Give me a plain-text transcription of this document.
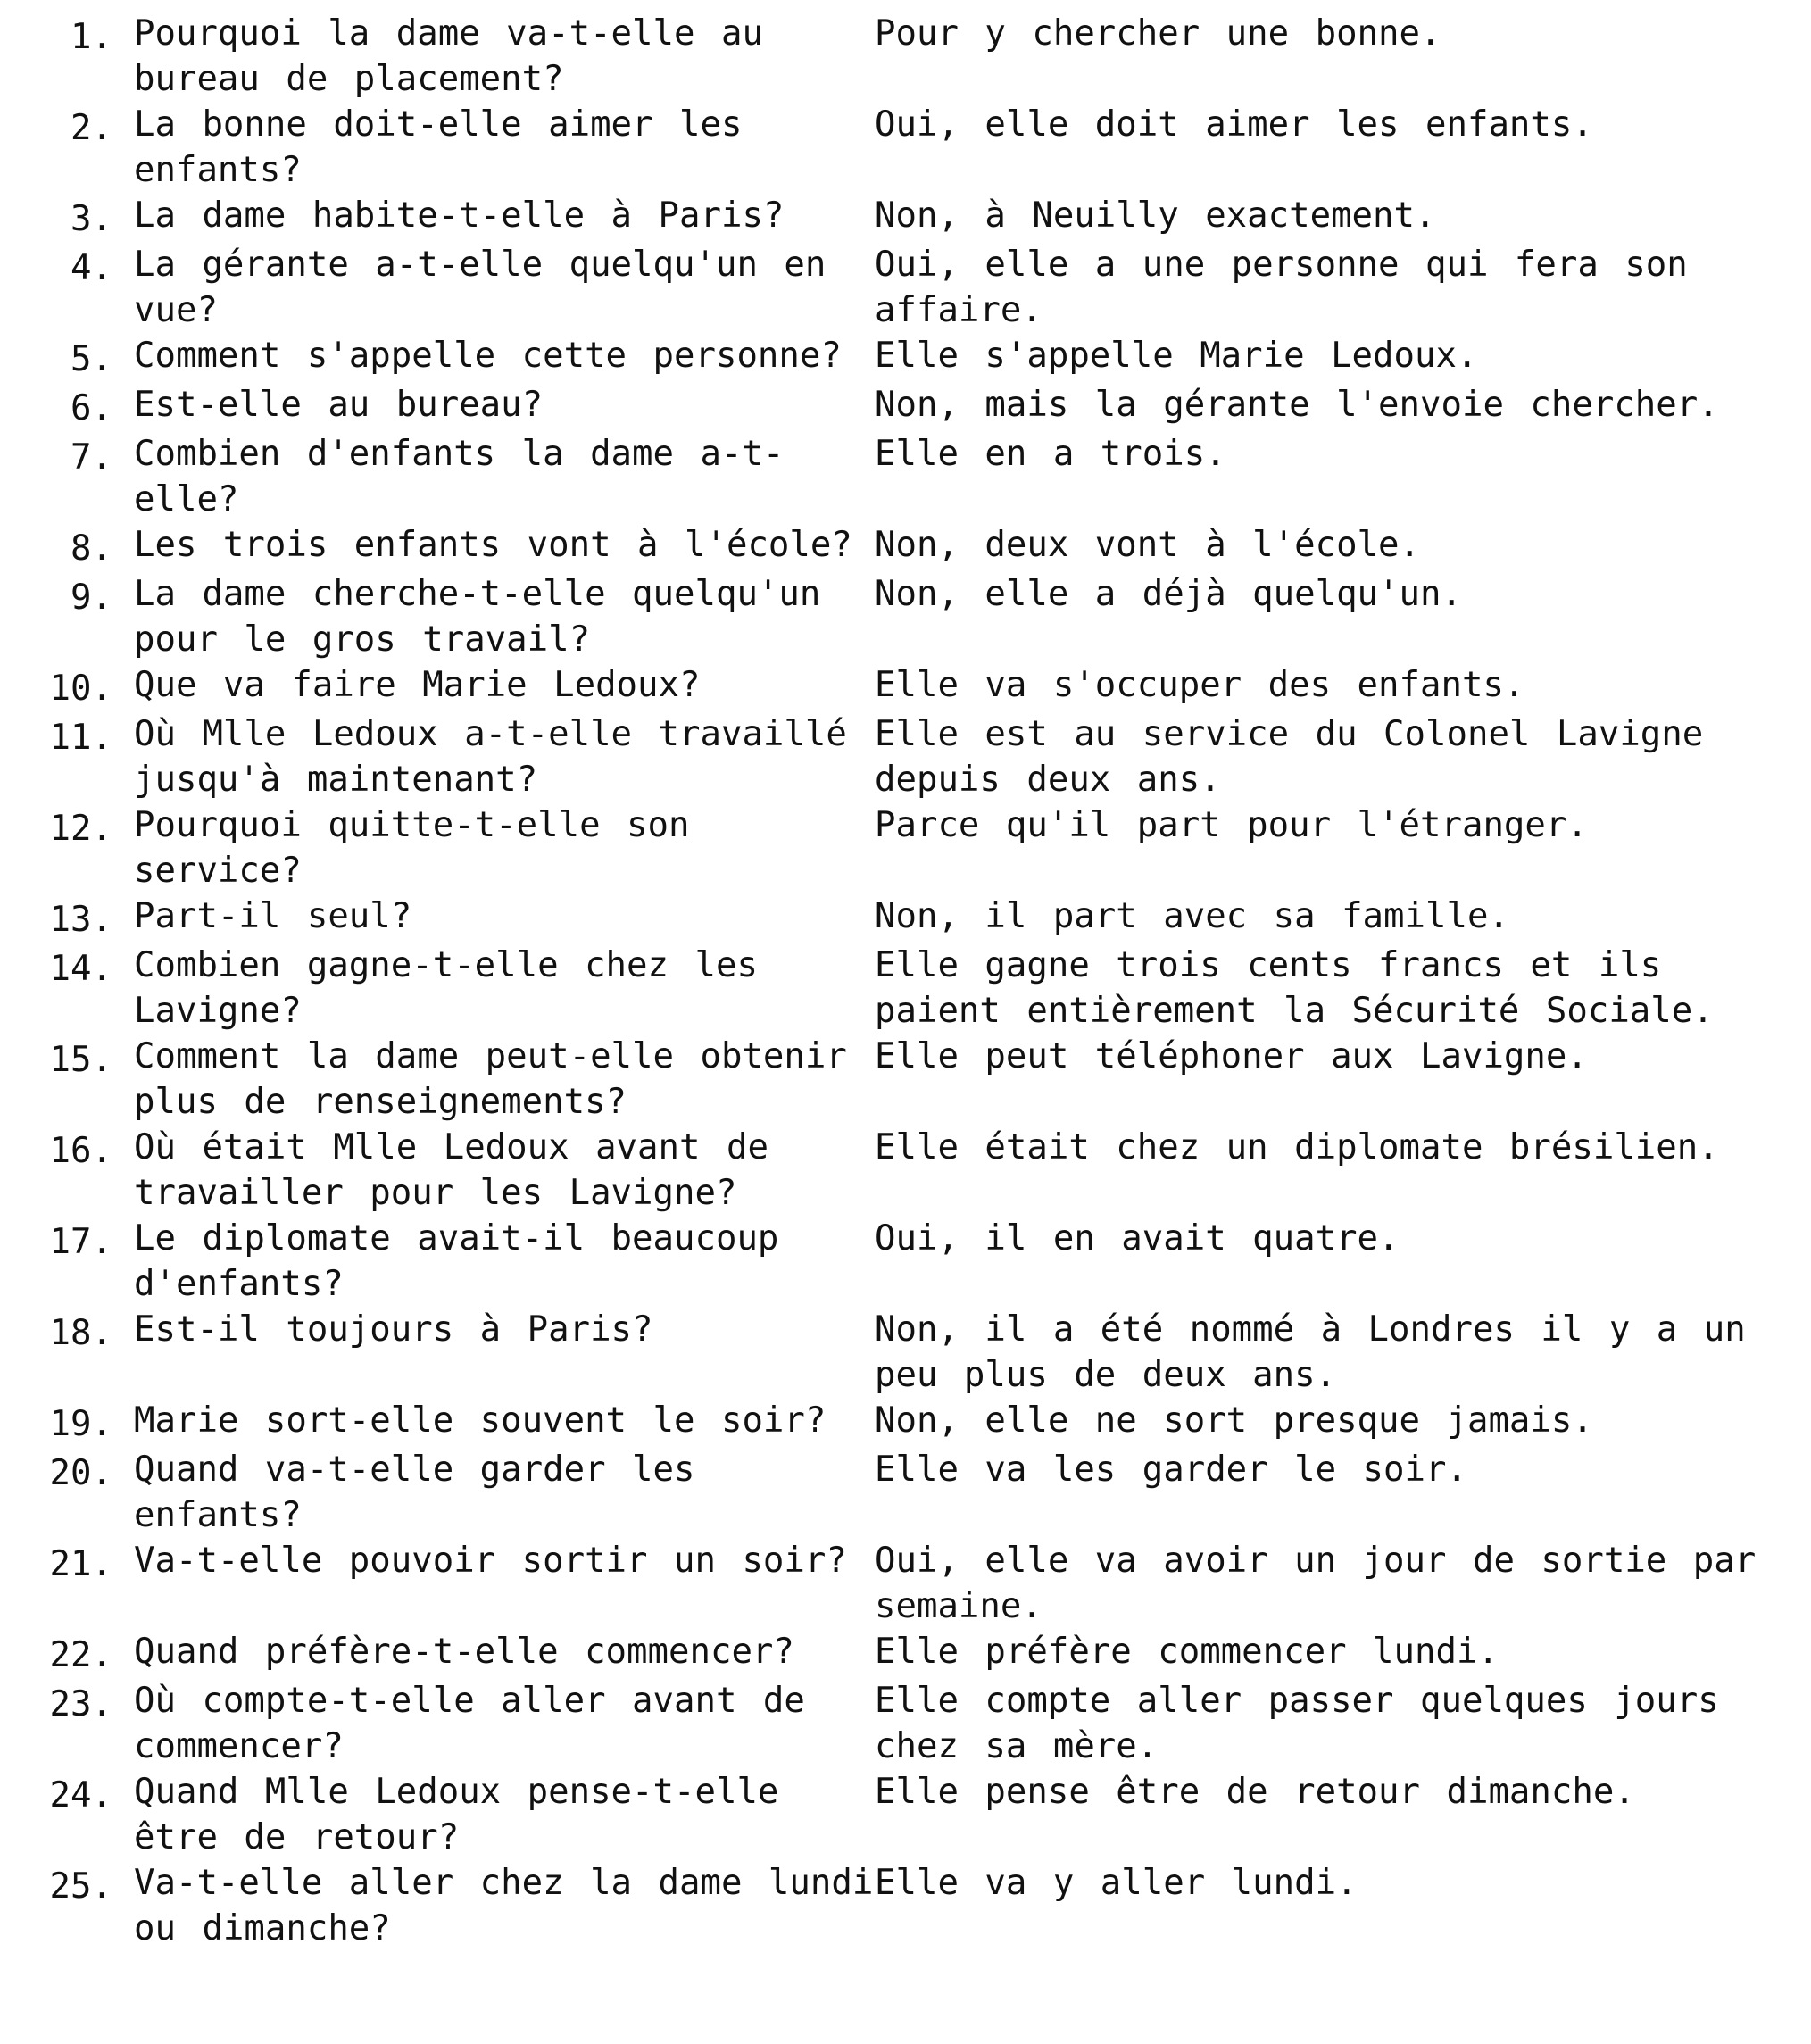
1. Pourquoi la dame va-t-elle au bureau de placement?
Pour y chercher une bonne.
2. La bonne doit-elle aimer les enfants?
Oui, elle doit aimer les enfants.
3. La dame habite-t-elle à Paris?	Non, à Neuilly exactement.
4. La gérante a-t-elle quelqu'un en vue?
Oui, elle a une personne qui fera son affaire.
5. Comment s'appelle cette personne? Elle s'appelle Marie Ledoux.
6. Est-elle au bureau?	Non, mais la gérante l'envoie chercher.
7. Combien d'enfants la dame a-t-elle?
Elle en a trois.
8. Les trois enfants vont à l'école? Non, deux vont à l'école.
9. La dame cherche-t-elle quelqu'un pour le gros travail?
Non, elle a déjà quelqu'un.
10. Que va faire Marie Ledoux?	Elle va s'occuper des enfants.
11. Où Mlle Ledoux a-t-elle travaillé jusqu'à maintenant?
Elle est au service du Colonel Lavigne depuis deux ans.
12. Pourquoi quitte-t-elle son service?
Parce qu'il part pour l'étranger.
13. Part-il seul?	Non, il part avec sa famille.
14. Combien gagne-t-elle chez les Lavigne?
Elle gagne trois cents francs et ils paient entièrement la Sécurité Sociale.
15. Comment la dame peut-elle obtenir plus de renseignements?
Elle peut téléphoner aux Lavigne.
16. Où était Mlle Ledoux avant de travailler pour les Lavigne?
Elle était chez un diplomate brésilien.
17. Le diplomate avait-il beaucoup d'enfants?
Oui, il en avait quatre.
18. Est-il toujours à Paris?	Non, il a été nommé à Londres il y a un peu plus de deux ans.
19. Marie sort-elle souvent le soir?	Non, elle ne sort presque jamais.
20. Quand va-t-elle garder les enfants?
Elle va les garder le soir.
21. Va-t-elle pouvoir sortir un soir? Oui, elle va avoir un jour de sortie par semaine.
22. Quand préfère-t-elle commencer?	Elle préfère commencer lundi.
23. Où compte-t-elle aller avant de commencer?
Elle compte aller passer quelques jours chez sa mère.
24. Quand Mlle Ledoux pense-t-elle être de retour?
Elle pense être de retour dimanche.
25. Va-t-elle aller chez la dame lundi ou dimanche?
Elle va y aller lundi.
